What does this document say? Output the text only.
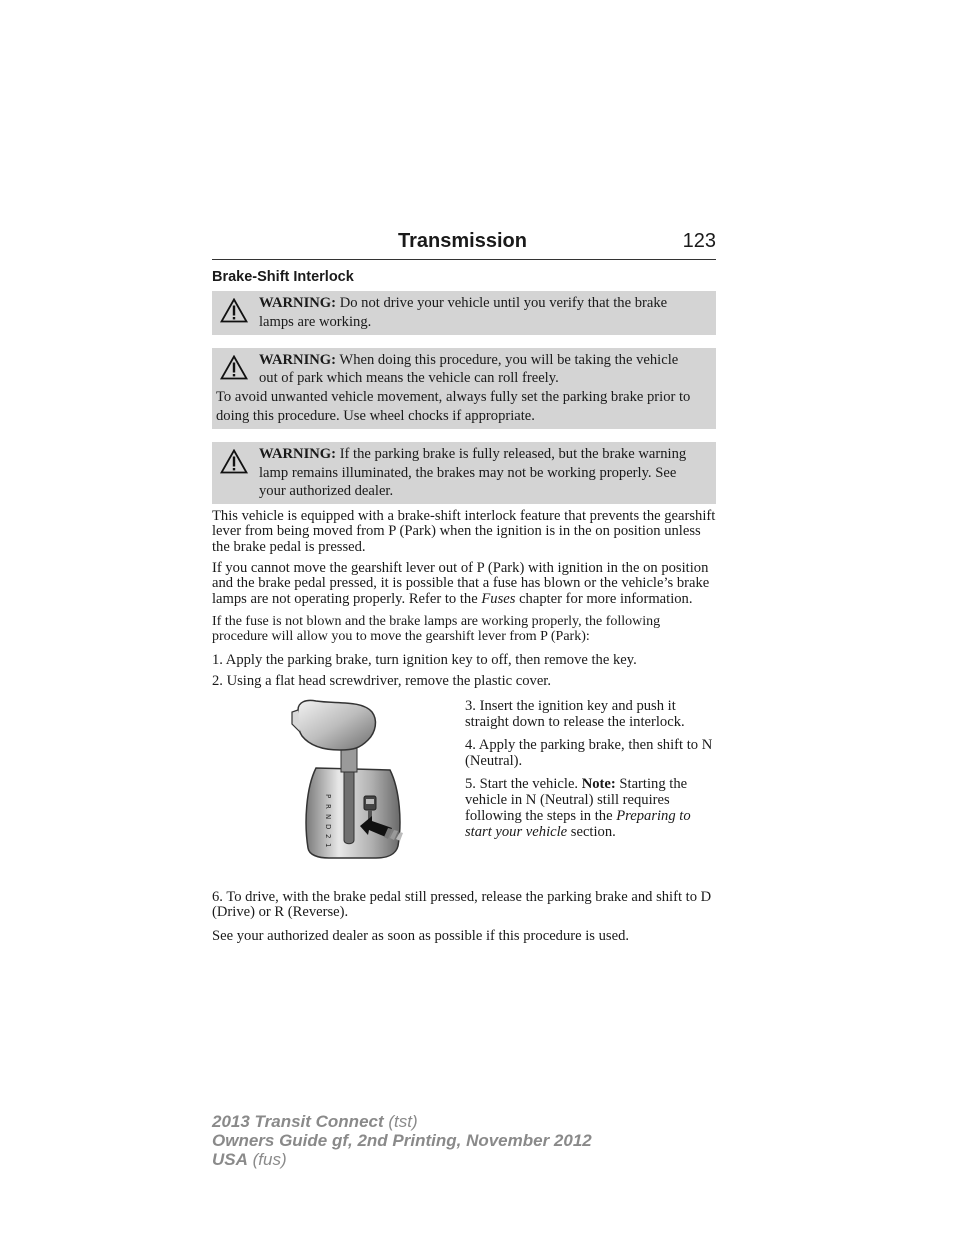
Transmission	123
Brake-Shift Interlock
WARNING: Do not drive your vehicle until you verify that the brake lamps are working.
WARNING: When doing this procedure, you will be taking the vehicle out of park which means the vehicle can roll freely.
To avoid unwanted vehicle movement, always fully set the parking brake prior to doing this procedure. Use wheel chocks if appropriate.
WARNING: If the parking brake is fully released, but the brake warning lamp remains illuminated, the brakes may not be working properly. See your authorized dealer.

This vehicle is equipped with a brake-shift interlock feature that prevents the gearshift lever from being moved from P (Park) when the ignition is in the on position unless the brake pedal is pressed.

If you cannot move the gearshift lever out of P (Park) with ignition in the on position and the brake pedal pressed, it is possible that a fuse has blown or the vehicle’s brake lamps are not operating properly. Refer to the Fuses chapter for more information.

If the fuse is not blown and the brake lamps are working properly, the following procedure will allow you to move the gearshift lever from P (Park):

1. Apply the parking brake, turn ignition key to off, then remove the key.

2. Using a flat head screwdriver, remove the plastic cover.

P
R
N
D
2
1

3. Insert the ignition key and push it straight down to release the interlock.

4. Apply the parking brake, then shift to N (Neutral).

5. Start the vehicle. Note: Starting the vehicle in N (Neutral) still requires following the steps in the Preparing to start your vehicle section.

6. To drive, with the brake pedal still pressed, release the parking brake and shift to D (Drive) or R (Reverse).

See your authorized dealer as soon as possible if this procedure is used.

2013 Transit Connect (tst)
Owners Guide gf, 2nd Printing, November 2012
USA (fus)
